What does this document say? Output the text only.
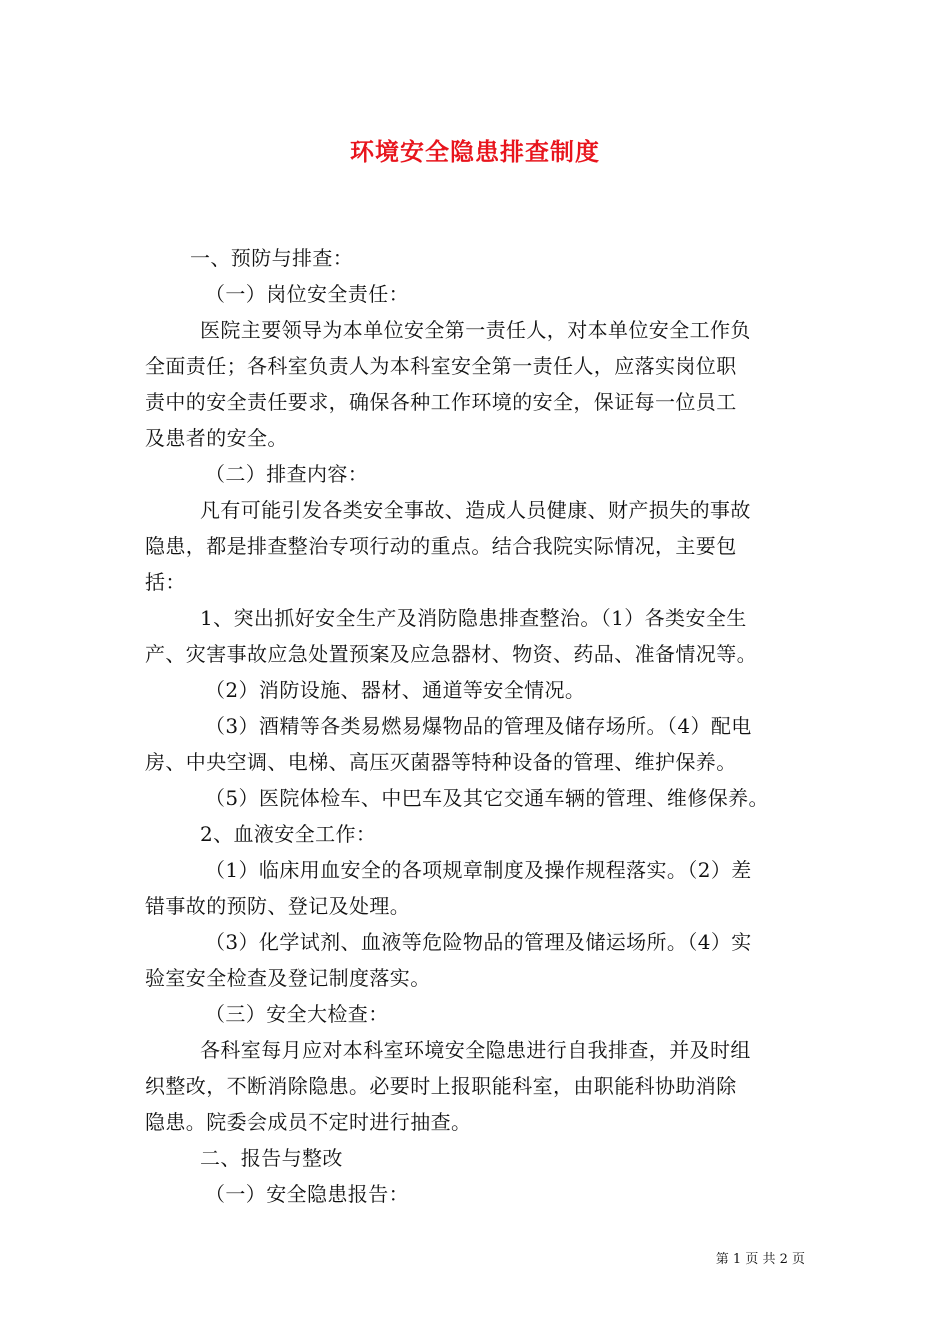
环境安全隐患排查制度
一、预防与排查：
（一）岗位安全责任：
医院主要领导为本单位安全第一责任人，对本单位安全工作负
全面责任；各科室负责人为本科室安全第一责任人，应落实岗位职
责中的安全责任要求，确保各种工作环境的安全，保证每一位员工
及患者的安全。
（二）排查内容：
凡有可能引发各类安全事故、造成人员健康、财产损失的事故
隐患，都是排查整治专项行动的重点。结合我院实际情况，主要包
括：
1、突出抓好安全生产及消防隐患排查整治。（1）各类安全生
产、灾害事故应急处置预案及应急器材、物资、药品、准备情况等。
（2）消防设施、器材、通道等安全情况。
（3）酒精等各类易燃易爆物品的管理及储存场所。（4）配电
房、中央空调、电梯、高压灭菌器等特种设备的管理、维护保养。
（5）医院体检车、中巴车及其它交通车辆的管理、维修保养。
2、血液安全工作：
（1）临床用血安全的各项规章制度及操作规程落实。（2）差
错事故的预防、登记及处理。
（3）化学试剂、血液等危险物品的管理及储运场所。（4）实
验室安全检查及登记制度落实。
（三）安全大检查：
各科室每月应对本科室环境安全隐患进行自我排查，并及时组
织整改，不断消除隐患。必要时上报职能科室，由职能科协助消除
隐患。院委会成员不定时进行抽查。
二、报告与整改
（一）安全隐患报告：
第 1 页 共 2 页
